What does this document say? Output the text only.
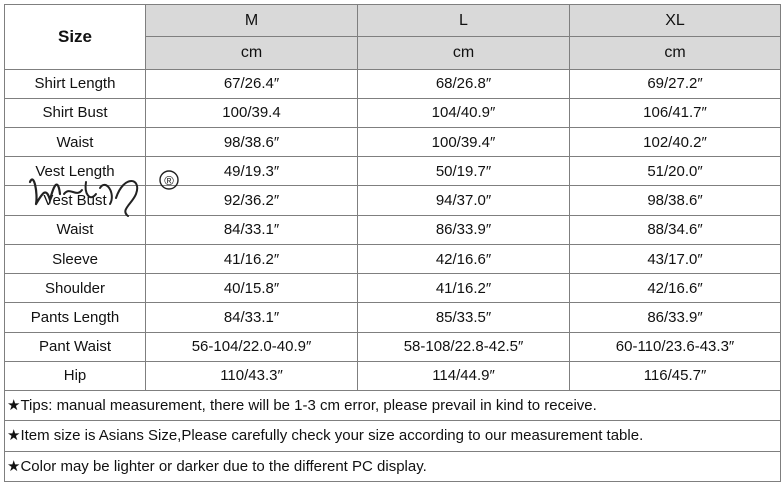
Size	M	L	XL
	cm	cm	cm
Shirt Length	67/26.4″	68/26.8″	69/27.2″
Shirt Bust	100/39.4	104/40.9″	106/41.7″
Waist	98/38.6″	100/39.4″	102/40.2″
Vest Length	49/19.3″	50/19.7″	51/20.0″
Vest Bust	92/36.2″	94/37.0″	98/38.6″
Waist	84/33.1″	86/33.9″	88/34.6″
Sleeve	41/16.2″	42/16.6″	43/17.0″
Shoulder	40/15.8″	41/16.2″	42/16.6″
Pants Length	84/33.1″	85/33.5″	86/33.9″
Pant Waist	56-104/22.0-40.9″	58-108/22.8-42.5″	60-110/23.6-43.3″
Hip	110/43.3″	114/44.9″	116/45.7″
★Tips: manual measurement, there will be 1-3 cm error, please prevail in kind to receive.			
★Item size is Asians Size,Please carefully check your size according to our measurement table.			
★Color may be lighter or darker due to the different PC display.			
®
